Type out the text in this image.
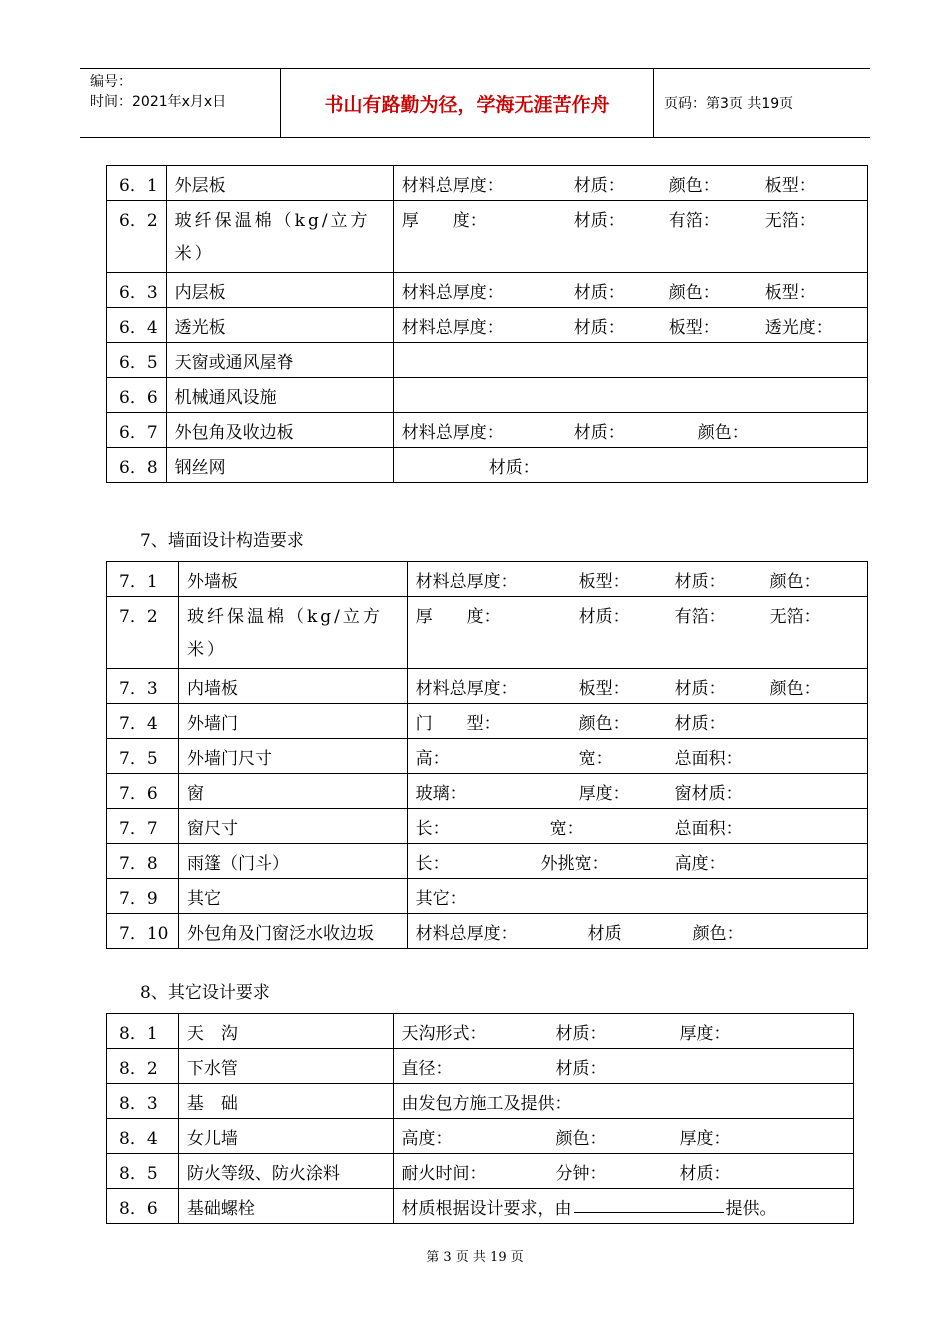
编号：
时间：2021年x月x日	书山有路勤为径，学海无涯苦作舟	页码：第3页 共19页
6．1	外层板	材料总厚度： 材质： 颜色： 板型：

6．2	玻纤保温棉（kg/立方米）	厚　　度： 材质： 有箔： 无箔：

6．3	内层板	材料总厚度： 材质： 颜色： 板型：

6．4	透光板	材料总厚度： 材质： 板型： 透光度：

6．5	天窗或通风屋脊	
6．6	机械通风设施	
6．7	外包角及收边板	材料总厚度： 材质： 颜色：

6．8	钢丝网	材质：
7、墙面设计构造要求
7．1	外墙板	材料总厚度： 板型： 材质： 颜色：

7．2	玻纤保温棉（kg/立方米）	厚　　度： 材质： 有箔： 无箔：

7．3	内墙板	材料总厚度： 板型： 材质： 颜色：

7．4	外墙门	门　　型： 颜色： 材质：

7．5	外墙门尺寸	高： 宽： 总面积：

7．6	窗	玻璃： 厚度： 窗材质：

7．7	窗尺寸	长： 宽： 总面积：

7．8	雨篷（门斗）	长： 外挑宽： 高度：

7．9	其它	其它：

7．10	外包角及门窗泛水收边坂	材料总厚度： 材质 颜色：
8、其它设计要求
8．1	天　沟	天沟形式： 材质： 厚度：

8．2	下水管	直径： 材质：

8．3	基　础	由发包方施工及提供：

8．4	女儿墙	高度： 颜色： 厚度：

8．5	防火等级、防火涂料	耐火时间： 分钟： 材质：

8．6	基础螺栓	材质根据设计要求，由 提供。
第 3 页 共 19 页
